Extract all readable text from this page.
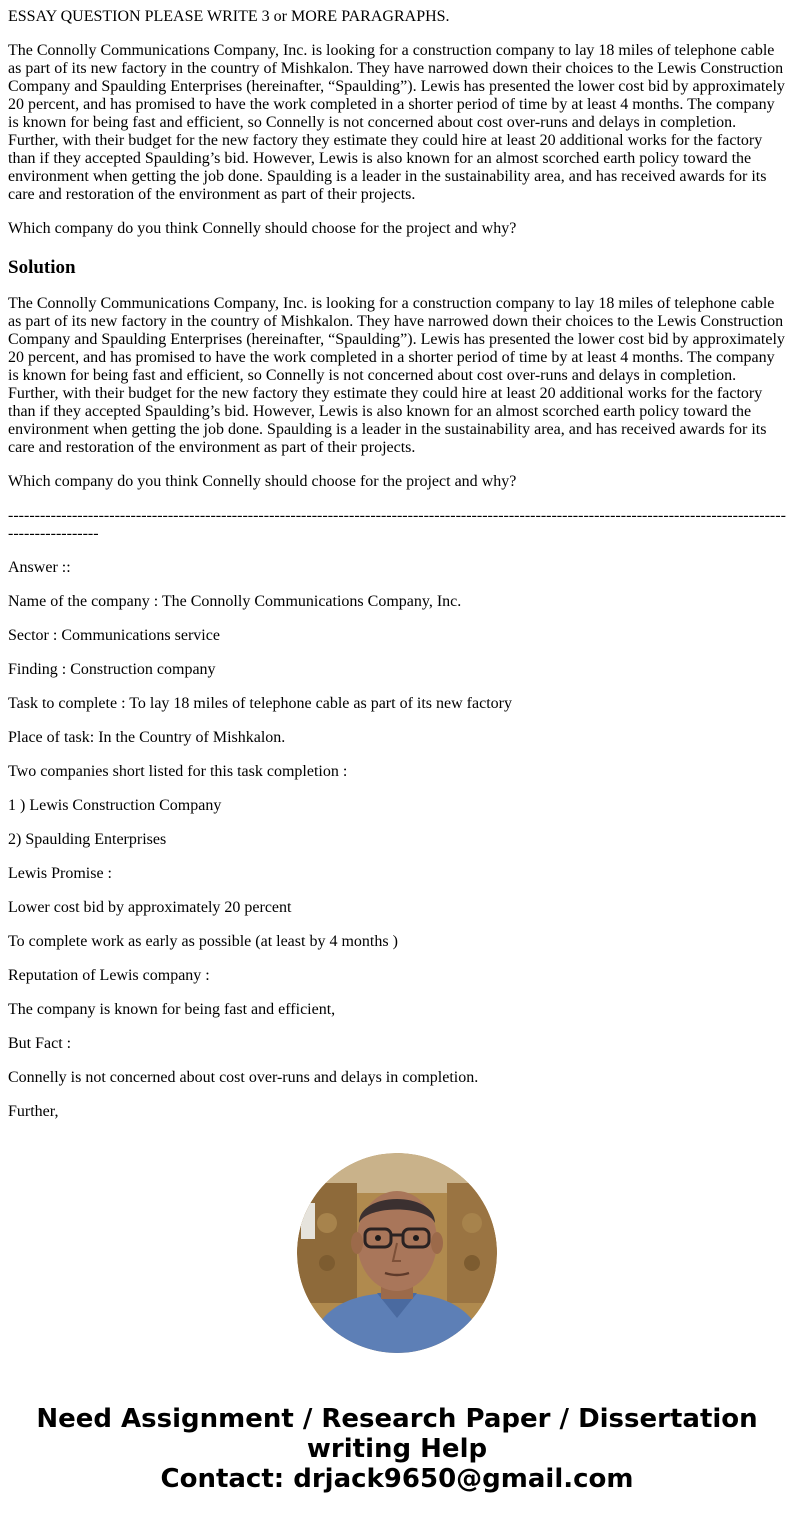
ESSAY QUESTION PLEASE WRITE 3 or MORE PARAGRAPHS.

The Connolly Communications Company, Inc. is looking for a construction company to lay 18 miles of telephone cable as part of its new factory in the country of Mishkalon. They have narrowed down their choices to the Lewis Construction Company and Spaulding Enterprises (hereinafter, “Spaulding”). Lewis has presented the lower cost bid by approximately 20 percent, and has promised to have the work completed in a shorter period of time by at least 4 months. The company is known for being fast and efficient, so Connelly is not concerned about cost over-runs and delays in completion. Further, with their budget for the new factory they estimate they could hire at least 20 additional works for the factory than if they accepted Spaulding’s bid. However, Lewis is also known for an almost scorched earth policy toward the environment when getting the job done. Spaulding is a leader in the sustainability area, and has received awards for its care and restoration of the environment as part of their projects.

Which company do you think Connelly should choose for the project and why?

Solution

The Connolly Communications Company, Inc. is looking for a construction company to lay 18 miles of telephone cable as part of its new factory in the country of Mishkalon. They have narrowed down their choices to the Lewis Construction Company and Spaulding Enterprises (hereinafter, “Spaulding”). Lewis has presented the lower cost bid by approximately 20 percent, and has promised to have the work completed in a shorter period of time by at least 4 months. The company is known for being fast and efficient, so Connelly is not concerned about cost over-runs and delays in completion. Further, with their budget for the new factory they estimate they could hire at least 20 additional works for the factory than if they accepted Spaulding’s bid. However, Lewis is also known for an almost scorched earth policy toward the environment when getting the job done. Spaulding is a leader in the sustainability area, and has received awards for its care and restoration of the environment as part of their projects.

Which company do you think Connelly should choose for the project and why?

-------------------------------------------------------------------------------------------------------------------------------------------------------------------

Answer ::

Name of the company : The Connolly Communications Company, Inc.

Sector : Communications service

Finding : Construction company

Task to complete : To lay 18 miles of telephone cable as part of its new factory

Place of task: In the Country of Mishkalon.

Two companies short listed for this task completion :

1 ) Lewis Construction Company

2) Spaulding Enterprises

Lewis Promise :

Lower cost bid by approximately 20 percent

To complete work as early as possible (at least by 4 months )

Reputation of Lewis company :

The company is known for being fast and efficient,

But Fact :

Connelly is not concerned about cost over-runs and delays in completion.

Further,

Need Assignment / Research Paper / Dissertation
writing Help
Contact: drjack9650@gmail.com
